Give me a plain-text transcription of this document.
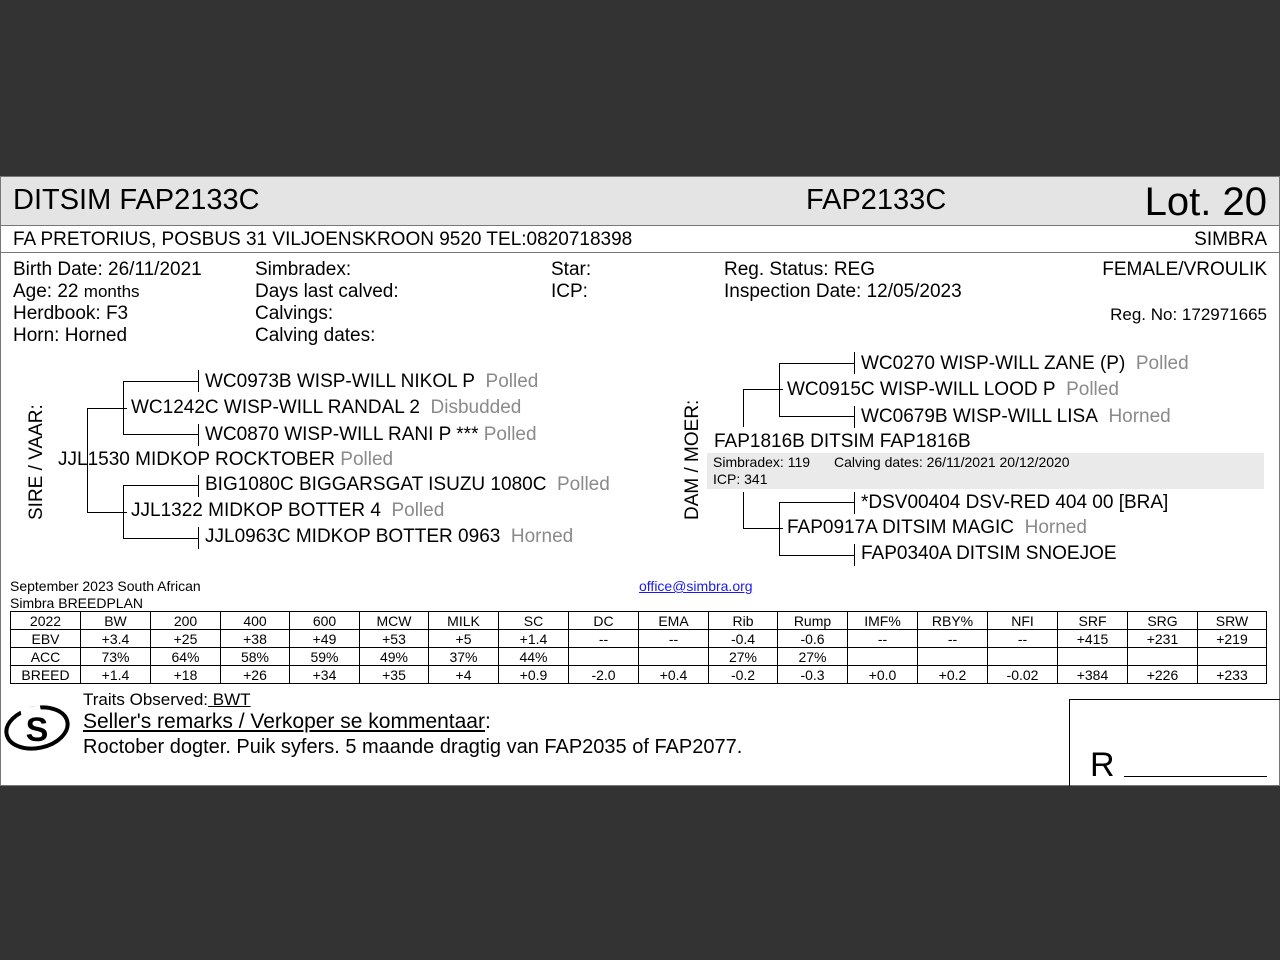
DITSIM FAP2133C	FAP2133C	Lot. 20
FA PRETORIUS, POSBUS 31 VILJOENSKROON 9520 TEL:0820718398	SIMBRA
Birth Date: 26/11/2021
Age: 22 months
Herdbook: F3
Horn: Horned
Simbradex:
Days last calved:
Calvings:
Calving dates:
Star:
ICP:
Reg. Status: REG
Inspection Date: 12/05/2023
FEMALE/VROULIK
Reg. No: 172971665
SIRE / VAAR:
WC0973B WISP-WILL NIKOL P Polled
WC1242C WISP-WILL RANDAL 2 Disbudded
WC0870 WISP-WILL RANI P *** Polled
JJL1530 MIDKOP ROCKTOBER Polled
BIG1080C BIGGARSGAT ISUZU 1080C Polled
JJL1322 MIDKOP BOTTER 4 Polled
JJL0963C MIDKOP BOTTER 0963 Horned
DAM / MOER:
WC0270 WISP-WILL ZANE (P) Polled
WC0915C WISP-WILL LOOD P Polled
WC0679B WISP-WILL LISA Horned
FAP1816B DITSIM FAP1816B
Simbradex: 119 Calving dates: 26/11/2021 20/12/2020
ICP: 341
*DSV00404 DSV-RED 404 00 [BRA]
FAP0917A DITSIM MAGIC Horned
FAP0340A DITSIM SNOEJOE
September 2023 South African
Simbra BREEDPLAN
office@simbra.org
2022	BW	200	400	600	MCW	MILK	SC	DC	EMA	Rib	Rump	IMF%	RBY%	NFI	SRF	SRG	SRW
EBV	+3.4	+25	+38	+49	+53	+5	+1.4	--	--	-0.4	-0.6	--	--	--	+415	+231	+219
ACC	73%	64%	58%	59%	49%	37%	44%			27%	27%						
BREED	+1.4	+18	+26	+34	+35	+4	+0.9	-2.0	+0.4	-0.2	-0.3	+0.0	+0.2	-0.02	+384	+226	+233
S
Traits Observed: BWT
Seller's remarks / Verkoper se kommentaar:
Roctober dogter. Puik syfers. 5 maande dragtig van FAP2035 of FAP2077.	R
